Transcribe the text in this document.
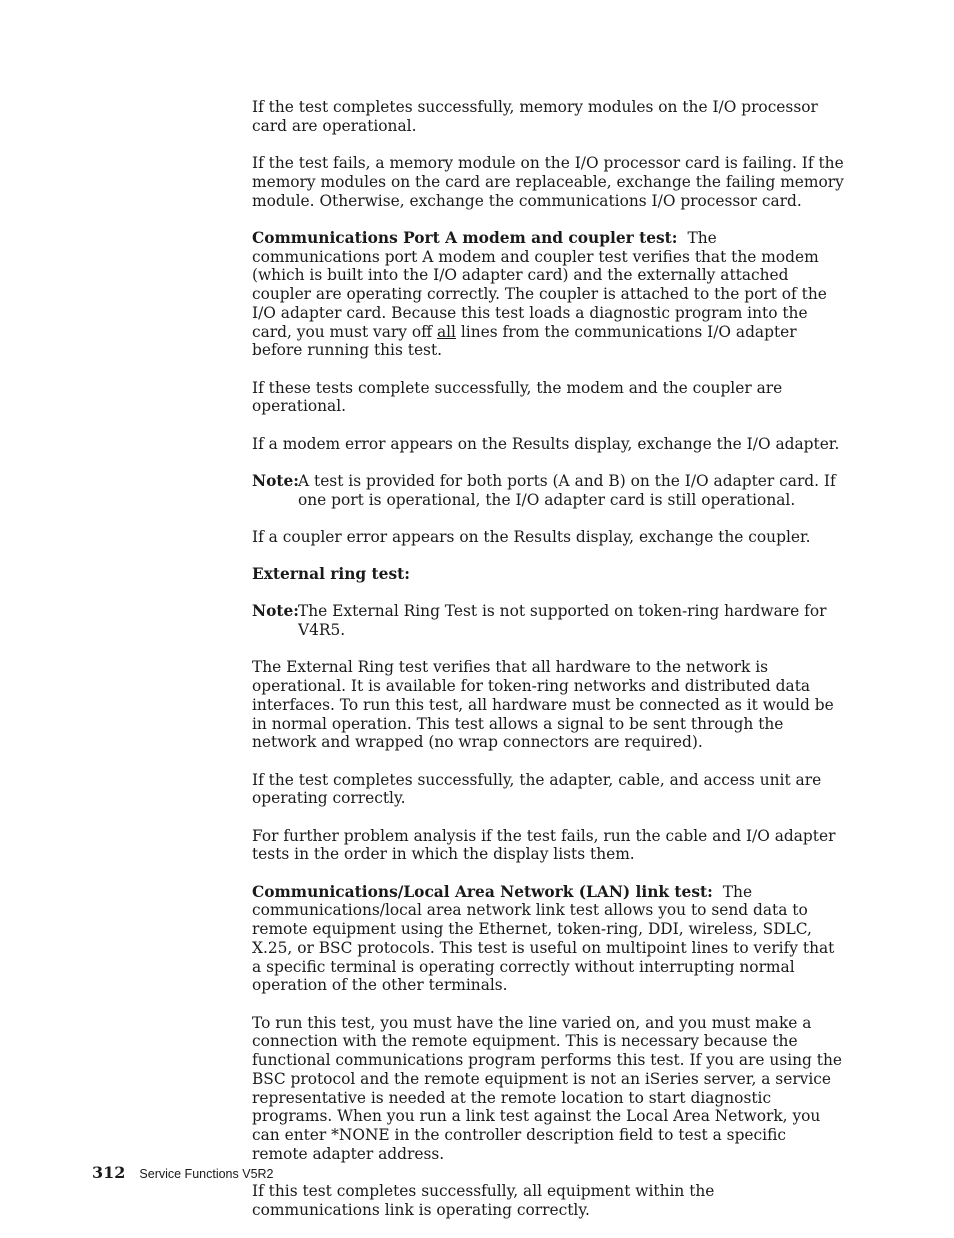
If the test completes successfully, memory modules on the I/O processor card are operational.

If the test fails, a memory module on the I/O processor card is failing. If the memory modules on the card are replaceable, exchange the failing memory module. Otherwise, exchange the communications I/O processor card.

Communications Port A modem and coupler test: The communications port A modem and coupler test verifies that the modem (which is built into the I/O adapter card) and the externally attached coupler are operating correctly. The coupler is attached to the port of the I/O adapter card. Because this test loads a diagnostic program into the card, you must vary off all lines from the communications I/O adapter before running this test.

If these tests complete successfully, the modem and the coupler are operational.

If a modem error appears on the Results display, exchange the I/O adapter.

Note: A test is provided for both ports (A and B) on the I/O adapter card. If one port is operational, the I/O adapter card is still operational.

If a coupler error appears on the Results display, exchange the coupler.

External ring test:

Note: The External Ring Test is not supported on token-ring hardware for V4R5.

The External Ring test verifies that all hardware to the network is operational. It is available for token-ring networks and distributed data interfaces. To run this test, all hardware must be connected as it would be in normal operation. This test allows a signal to be sent through the network and wrapped (no wrap connectors are required).

If the test completes successfully, the adapter, cable, and access unit are operating correctly.

For further problem analysis if the test fails, run the cable and I/O adapter tests in the order in which the display lists them.

Communications/Local Area Network (LAN) link test: The communications/local area network link test allows you to send data to remote equipment using the Ethernet, token-ring, DDI, wireless, SDLC, X.25, or BSC protocols. This test is useful on multipoint lines to verify that a specific terminal is operating correctly without interrupting normal operation of the other terminals.

To run this test, you must have the line varied on, and you must make a connection with the remote equipment. This is necessary because the functional communications program performs this test. If you are using the BSC protocol and the remote equipment is not an iSeries server, a service representative is needed at the remote location to start diagnostic programs. When you run a link test against the Local Area Network, you can enter *NONE in the controller description field to test a specific remote adapter address.

If this test completes successfully, all equipment within the communications link is operating correctly.

312 Service Functions V5R2
